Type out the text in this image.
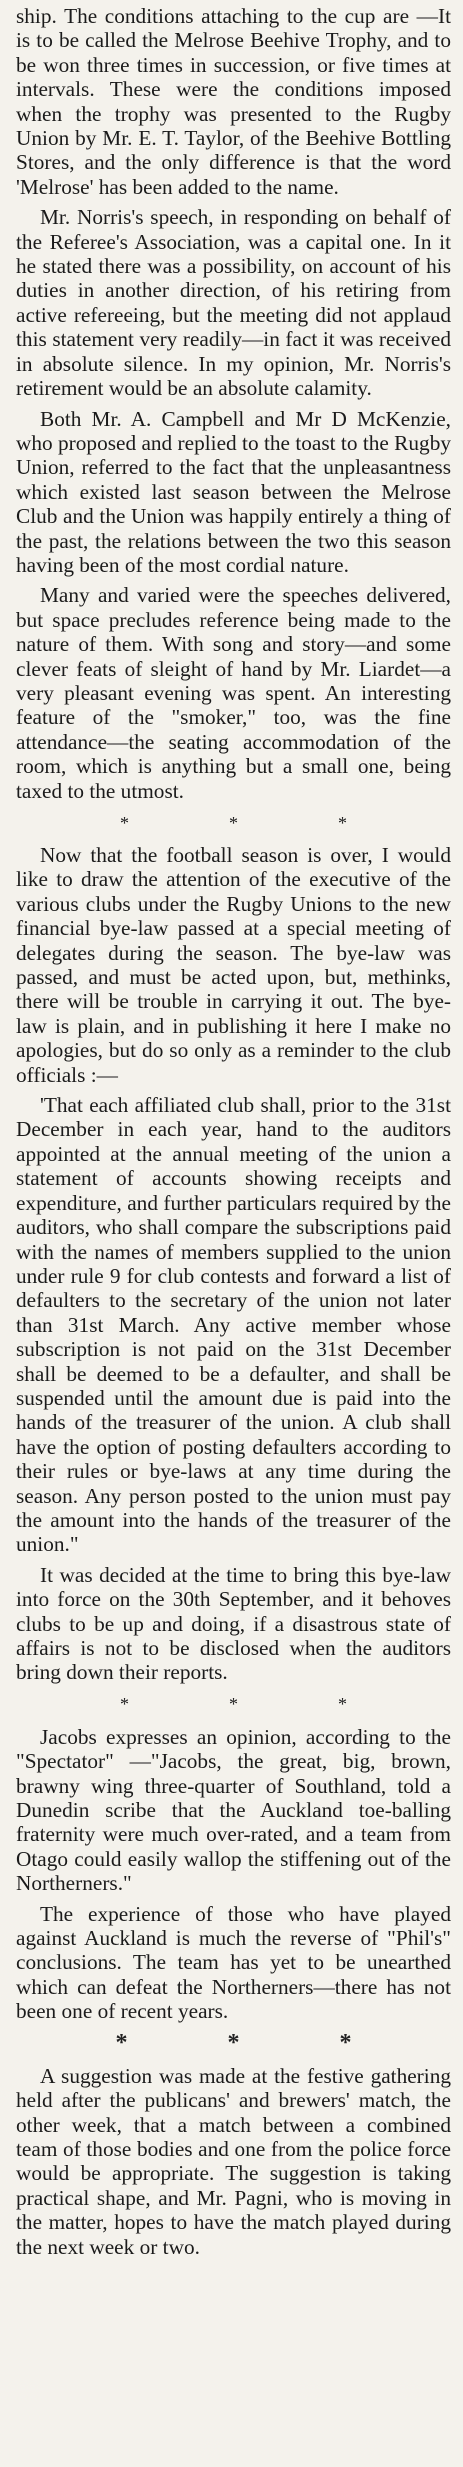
ship. The conditions attaching to the cup are —It is to be called the Melrose Beehive Trophy, and to be won three times in succession, or five times at intervals. These were the conditions imposed when the trophy was presented to the Rugby Union by Mr. E. T. Taylor, of the Beehive Bottling Stores, and the only difference is that the word 'Melrose' has been added to the name.

Mr. Norris's speech, in responding on behalf of the Referee's Association, was a capital one. In it he stated there was a possibility, on account of his duties in another direction, of his retiring from active refereeing, but the meeting did not applaud this statement very readily—in fact it was received in absolute silence. In my opinion, Mr. Norris's retirement would be an absolute calamity.

Both Mr. A. Campbell and Mr D McKenzie, who proposed and replied to the toast to the Rugby Union, referred to the fact that the unpleasantness which existed last season between the Melrose Club and the Union was happily entirely a thing of the past, the relations between the two this season having been of the most cordial nature.

Many and varied were the speeches delivered, but space precludes reference being made to the nature of them. With song and story—and some clever feats of sleight of hand by Mr. Liardet—a very pleasant evening was spent. An interesting feature of the "smoker," too, was the fine attendance—the seating accommodation of the room, which is anything but a small one, being taxed to the utmost.

*	*	*

Now that the football season is over, I would like to draw the attention of the executive of the various clubs under the Rugby Unions to the new financial bye-law passed at a special meeting of delegates during the season. The bye-law was passed, and must be acted upon, but, methinks, there will be trouble in carrying it out. The bye-law is plain, and in publishing it here I make no apologies, but do so only as a reminder to the club officials :—

'That each affiliated club shall, prior to the 31st December in each year, hand to the auditors appointed at the annual meeting of the union a statement of accounts showing receipts and expenditure, and further particulars required by the auditors, who shall compare the subscriptions paid with the names of members supplied to the union under rule 9 for club contests and forward a list of defaulters to the secretary of the union not later than 31st March. Any active member whose subscription is not paid on the 31st December shall be deemed to be a defaulter, and shall be suspended until the amount due is paid into the hands of the treasurer of the union. A club shall have the option of posting defaulters according to their rules or bye-laws at any time during the season. Any person posted to the union must pay the amount into the hands of the treasurer of the union."

It was decided at the time to bring this bye-law into force on the 30th September, and it behoves clubs to be up and doing, if a disastrous state of affairs is not to be disclosed when the auditors bring down their reports.

*	*	*

Jacobs expresses an opinion, according to the "Spectator" —"Jacobs, the great, big, brown, brawny wing three-quarter of Southland, told a Dunedin scribe that the Auckland toe-balling fraternity were much over-rated, and a team from Otago could easily wallop the stiffening out of the Northerners."

The experience of those who have played against Auckland is much the reverse of "Phil's" conclusions. The team has yet to be unearthed which can defeat the Northerners—there has not been one of recent years.

*	*	*

A suggestion was made at the festive gathering held after the publicans' and brewers' match, the other week, that a match between a combined team of those bodies and one from the police force would be appropriate. The suggestion is taking practical shape, and Mr. Pagni, who is moving in the matter, hopes to have the match played during the next week or two.
